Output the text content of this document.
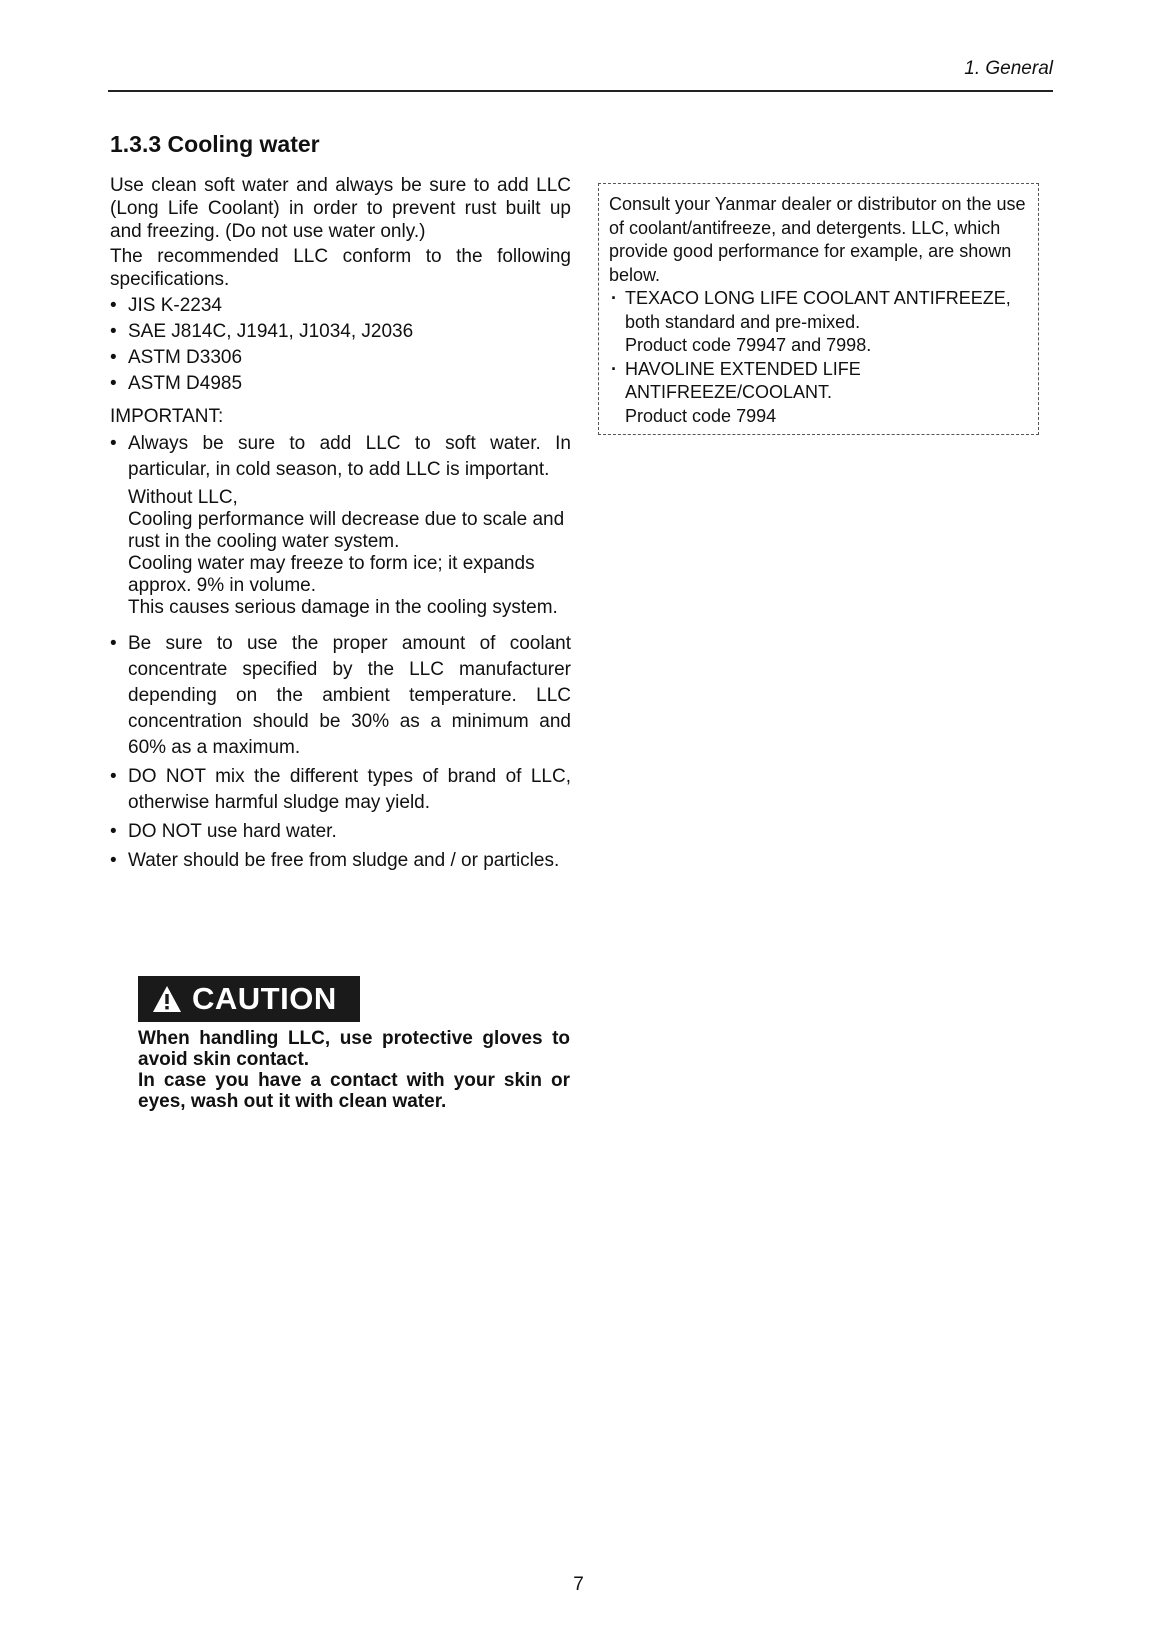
1. General
1.3.3 Cooling water

Use clean soft water and always be sure to add LLC (Long Life Coolant) in order to prevent rust built up and freezing. (Do not use water only.)

The recommended LLC conform to the following specifications.

• JIS K-2234
• SAE J814C, J1941, J1034, J2036
• ASTM D3306
• ASTM D4985
IMPORTANT:
• Always be sure to add LLC to soft water. In particular, in cold season, to add LLC is important.

Without LLC,

Cooling performance will decrease due to scale and rust in the cooling water system.

Cooling water may freeze to form ice; it expands approx. 9% in volume.

This causes serious damage in the cooling system.

• Be sure to use the proper amount of coolant concentrate specified by the LLC manufacturer depending on the ambient temperature. LLC concentration should be 30% as a minimum and 60% as a maximum.
• DO NOT mix the different types of brand of LLC, otherwise harmful sludge may yield.
• DO NOT use hard water.
• Water should be free from sludge and / or particles.
CAUTION

When handling LLC, use protective gloves to avoid skin contact.

In case you have a contact with your skin or eyes, wash out it with clean water.

Consult your Yanmar dealer or distributor on the use of coolant/antifreeze, and detergents. LLC, which provide good performance for example, are shown below.

· TEXACO LONG LIFE COOLANT ANTIFREEZE, both standard and pre-mixed.
Product code 79947 and 7998.
· HAVOLINE EXTENDED LIFE ANTIFREEZE/COOLANT.
Product code 7994
7
